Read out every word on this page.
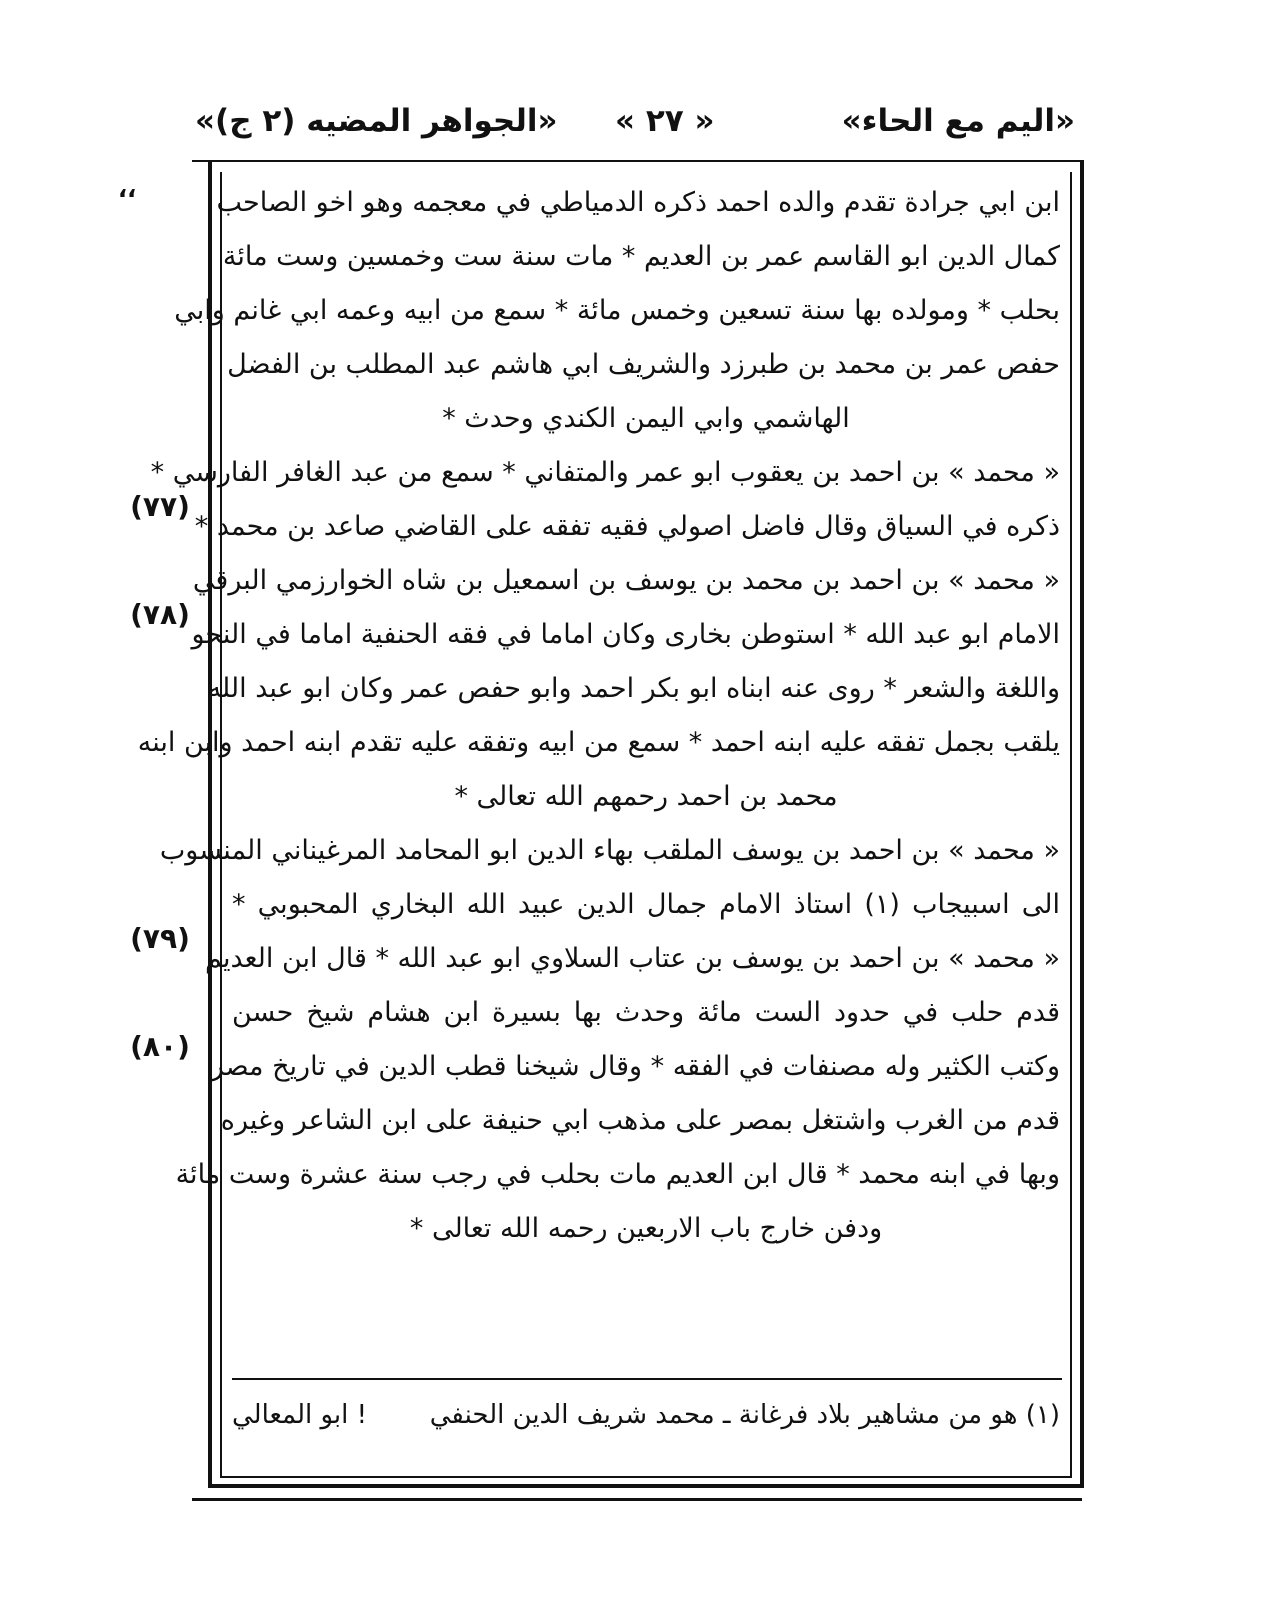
«اليم مع الحاء»
« ٢٧ »
«الجواهر المضيه (٢ ج)»
،،
(٧٧)
(٧٨)
(٧٩)
(٨٠)
ابن ابي جرادة تقدم والده احمد ذكره الدمياطي في معجمه وهو اخو الصاحب
كمال الدين ابو القاسم عمر بن العديم * مات سنة ست وخمسين وست مائة
بحلب * ومولده بها سنة تسعين وخمس مائة * سمع من ابيه وعمه ابي غانم وابي
حفص عمر بن محمد بن طبرزد والشريف ابي هاشم عبد المطلب بن الفضل
الهاشمي وابي اليمن الكندي وحدث *
« محمد » بن احمد بن يعقوب ابو عمر والمتفاني * سمع من عبد الغافر الفارسي *
ذكره في السياق وقال فاضل اصولي فقيه تفقه على القاضي صاعد بن محمد *
« محمد » بن احمد بن محمد بن يوسف بن اسمعيل بن شاه الخوارزمي البرقي
الامام ابو عبد الله * استوطن بخارى وكان اماما في فقه الحنفية اماما في النحو
واللغة والشعر * روى عنه ابناه ابو بكر احمد وابو حفص عمر وكان ابو عبد الله
يلقب بجمل تفقه عليه ابنه احمد * سمع من ابيه وتفقه عليه تقدم ابنه احمد وابن ابنه
محمد بن احمد رحمهم الله تعالى *
« محمد » بن احمد بن يوسف الملقب بهاء الدين ابو المحامد المرغيناني المنسوب
الى اسبيجاب (١) استاذ الامام جمال الدين عبيد الله البخاري المحبوبي *
« محمد » بن احمد بن يوسف بن عتاب السلاوي ابو عبد الله * قال ابن العديم
قدم حلب في حدود الست مائة وحدث بها بسيرة ابن هشام شيخ حسن
وكتب الكثير وله مصنفات في الفقه * وقال شيخنا قطب الدين في تاريخ مصر
قدم من الغرب واشتغل بمصر على مذهب ابي حنيفة على ابن الشاعر وغيره
وبها في ابنه محمد * قال ابن العديم مات بحلب في رجب سنة عشرة وست مائة
ودفن خارج باب الاربعين رحمه الله تعالى *
(١) هو من مشاهير بلاد فرغانة ـ محمد شريف الدين الحنفي
! ابو المعالي
